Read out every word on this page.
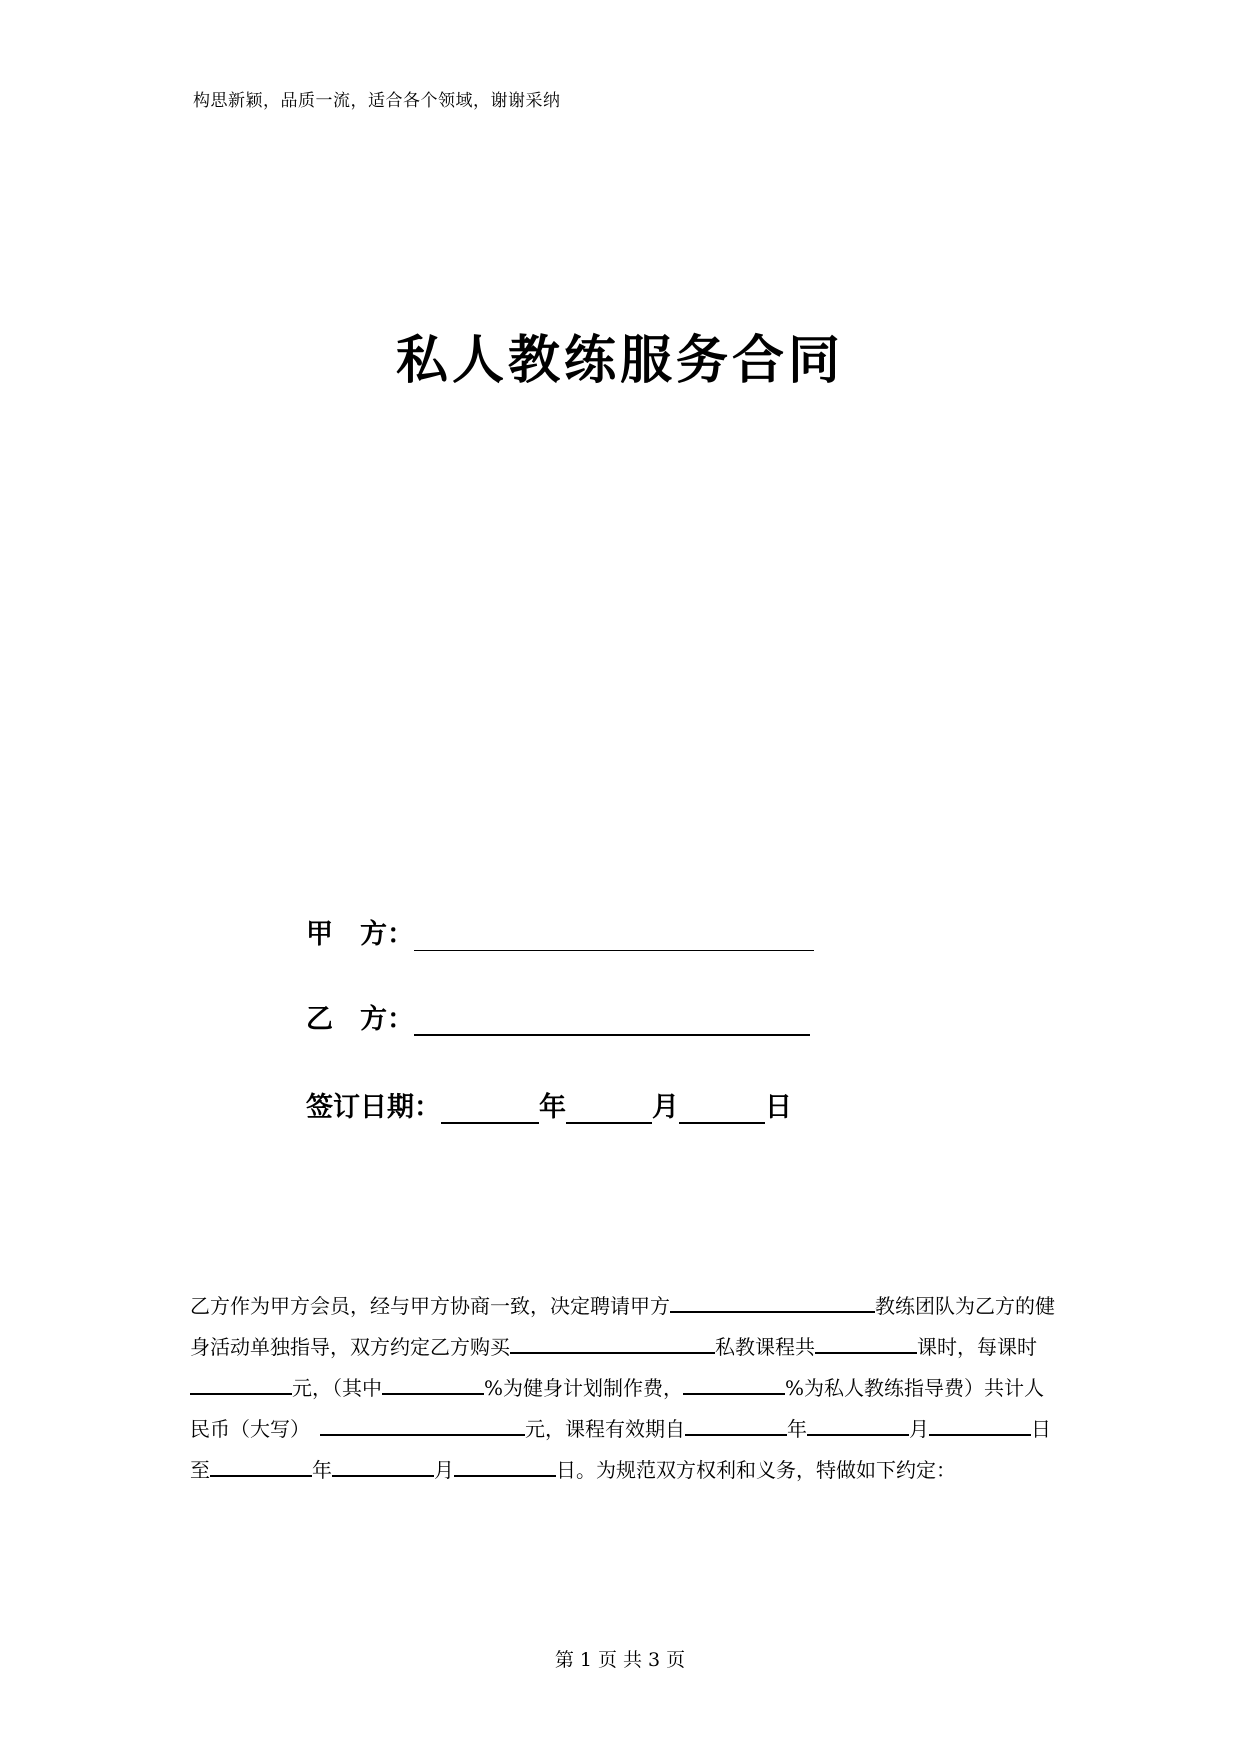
构思新颖，品质一流，适合各个领域，谢谢采纳
私人教练服务合同
甲　方：
乙　方：
签订日期：	年	月	日
乙方作为甲方会员，经与甲方协商一致，决定聘请甲方	教练团队为乙方的健身活动单独指导，双方约定乙方购买	私教课程共	课时，每课时元，（其中	%为健身计划制作费，	%为私人教练指导费）共计人民币（大写）　	元，课程有效期自	年	月	日至	年	月	日。为规范双方权利和义务，特做如下约定：
第 1 页 共 3 页
